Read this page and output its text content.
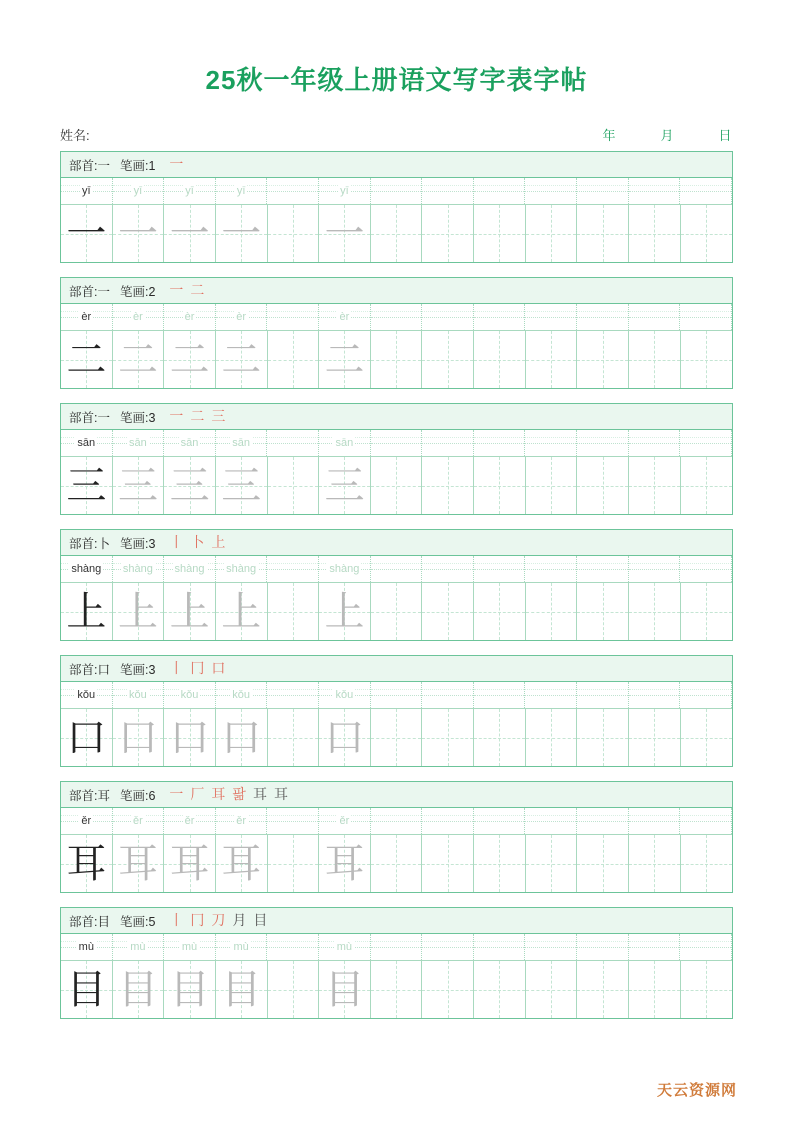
25秋一年级上册语文写字表字帖
姓名:	年	月	日
部首:一 笔画:1 一
yī	yī	yī	yī	yī
一 一 一 一 一
部首:一 笔画:2 一 二
èr	èr	èr	èr	èr
二 二 二 二 二
部首:一 笔画:3 一 二 三
sān	sān	sān	sān	sān
三 三 三 三 三
部首:卜 笔画:3 丨 卜 上
shàng shàng shàng shàng	shàng
上 上 上 上 上
部首:口 笔画:3 丨 冂 口
kǒu	kǒu	kǒu	kǒu	kǒu
口 口 口 口 口
部首:耳 笔画:6 一 厂 耳 팖 耳 耳
ěr	ěr	ěr	ěr	ěr
耳 耳 耳 耳 耳
部首:目 笔画:5 丨 冂 刀 月 目
mù	mù	mù	mù	mù
目 目 目 目 目
天云资源网
